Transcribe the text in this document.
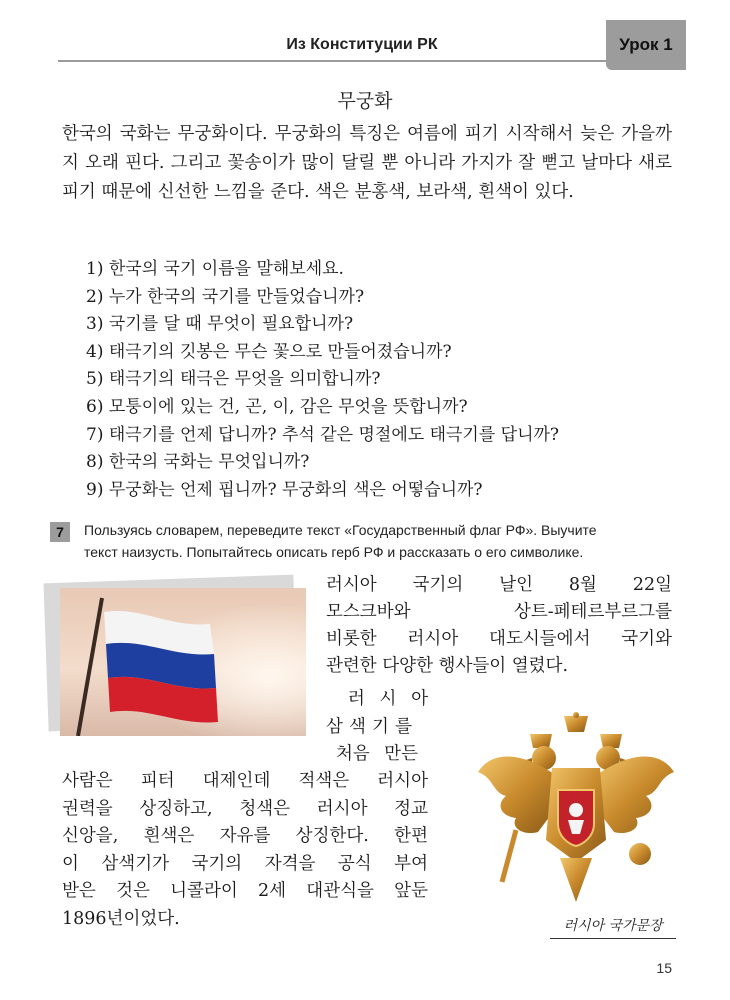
Из Конституции РК	Урок 1
무궁화

한국의 국화는 무궁화이다. 무궁화의 특징은 여름에 피기 시작해서 늦은 가을까지 오래 핀다. 그리고 꽃송이가 많이 달릴 뿐 아니라 가지가 잘 뻗고 날마다 새로 피기 때문에 신선한 느낌을 준다. 색은 분홍색, 보라색, 흰색이 있다.

1) 한국의 국기 이름을 말해보세요.
2) 누가 한국의 국기를 만들었습니까?
3) 국기를 달 때 무엇이 필요합니까?
4) 태극기의 깃봉은 무슨 꽃으로 만들어졌습니까?
5) 태극기의 태극은 무엇을 의미합니까?
6) 모퉁이에 있는 건, 곤, 이, 감은 무엇을 뜻합니까?
7) 태극기를 언제 답니까? 추석 같은 명절에도 태극기를 답니까?
8) 한국의 국화는 무엇입니까?
9) 무궁화는 언제 핍니까? 무궁화의 색은 어떻습니까?
7	Пользуясь словарем, переведите текст «Государственный флаг РФ». Выучите
текст наизусть. Попытайтесь описать герб РФ и рассказать о его символике.

러시아 국기의 날인 8월 22일
모스크바와 상트-페테르부르그를
비롯한 러시아 대도시들에서 국기와
관련한 다양한 행사들이 열렸다.
러 시 아
삼 색 기 를
처음 만든
사람은 피터 대제인데 적색은 러시아
권력을 상징하고, 청색은 러시아 정교
신앙을, 흰색은 자유를 상징한다. 한편
이 삼색기가 국기의 자격을 공식 부여
받은 것은 니콜라이 2세 대관식을 앞둔
1896년이었다.	러시아 국가문장
15
